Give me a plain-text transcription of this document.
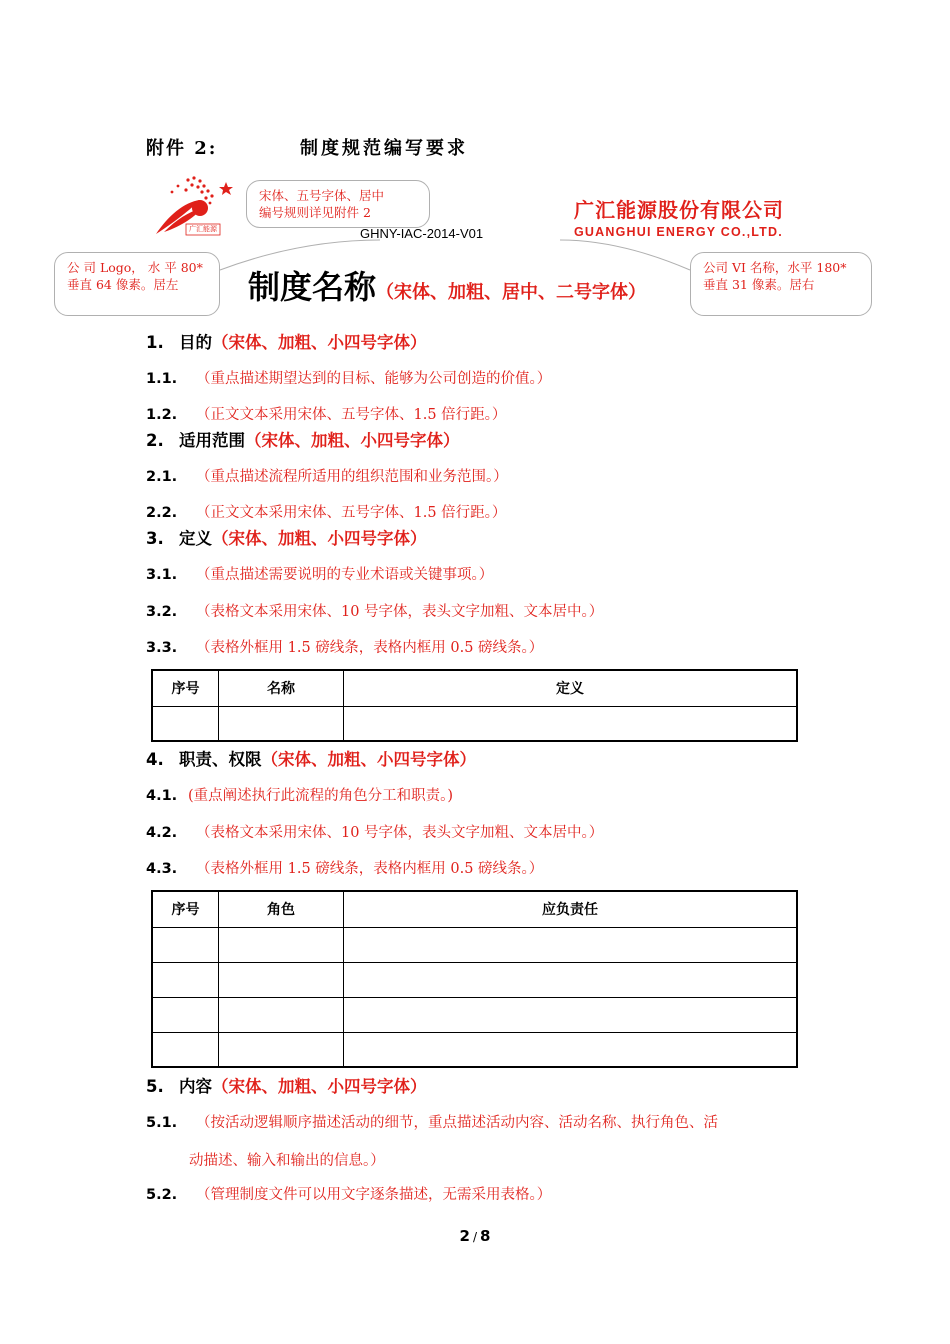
附件 2:	制度规范编写要求
广汇能源
宋体、五号字体、居中
编号规则详见附件 2
公 司 Logo， 水 平 80*
垂直 64 像素。居左
公司 VI 名称，水平 180*
垂直 31 像素。居右
GHNY-IAC-2014-V01
广汇能源股份有限公司
GUANGHUI ENERGY CO.,LTD.
制度名称（宋体、加粗、居中、二号字体）
1. 目的（宋体、加粗、小四号字体）
1.1. （重点描述期望达到的目标、能够为公司创造的价值。）
1.2. （正文文本采用宋体、五号字体、1.5 倍行距。）
2. 适用范围（宋体、加粗、小四号字体）
2.1. （重点描述流程所适用的组织范围和业务范围。）
2.2. （正文文本采用宋体、五号字体、1.5 倍行距。）
3. 定义（宋体、加粗、小四号字体）
3.1. （重点描述需要说明的专业术语或关键事项。）
3.2. （表格文本采用宋体、10 号字体，表头文字加粗、文本居中。）
3.3. （表格外框用 1.5 磅线条，表格内框用 0.5 磅线条。）
序号	名称	定义

4. 职责、权限（宋体、加粗、小四号字体）
4.1. (重点阐述执行此流程的角色分工和职责。)
4.2. （表格文本采用宋体、10 号字体，表头文字加粗、文本居中。）
4.3. （表格外框用 1.5 磅线条，表格内框用 0.5 磅线条。）
序号	角色	应负责任

5. 内容（宋体、加粗、小四号字体）
5.1. （按活动逻辑顺序描述活动的细节，重点描述活动内容、活动名称、执行角色、活
动描述、输入和输出的信息。）
5.2. （管理制度文件可以用文字逐条描述，无需采用表格。）
2 / 8
